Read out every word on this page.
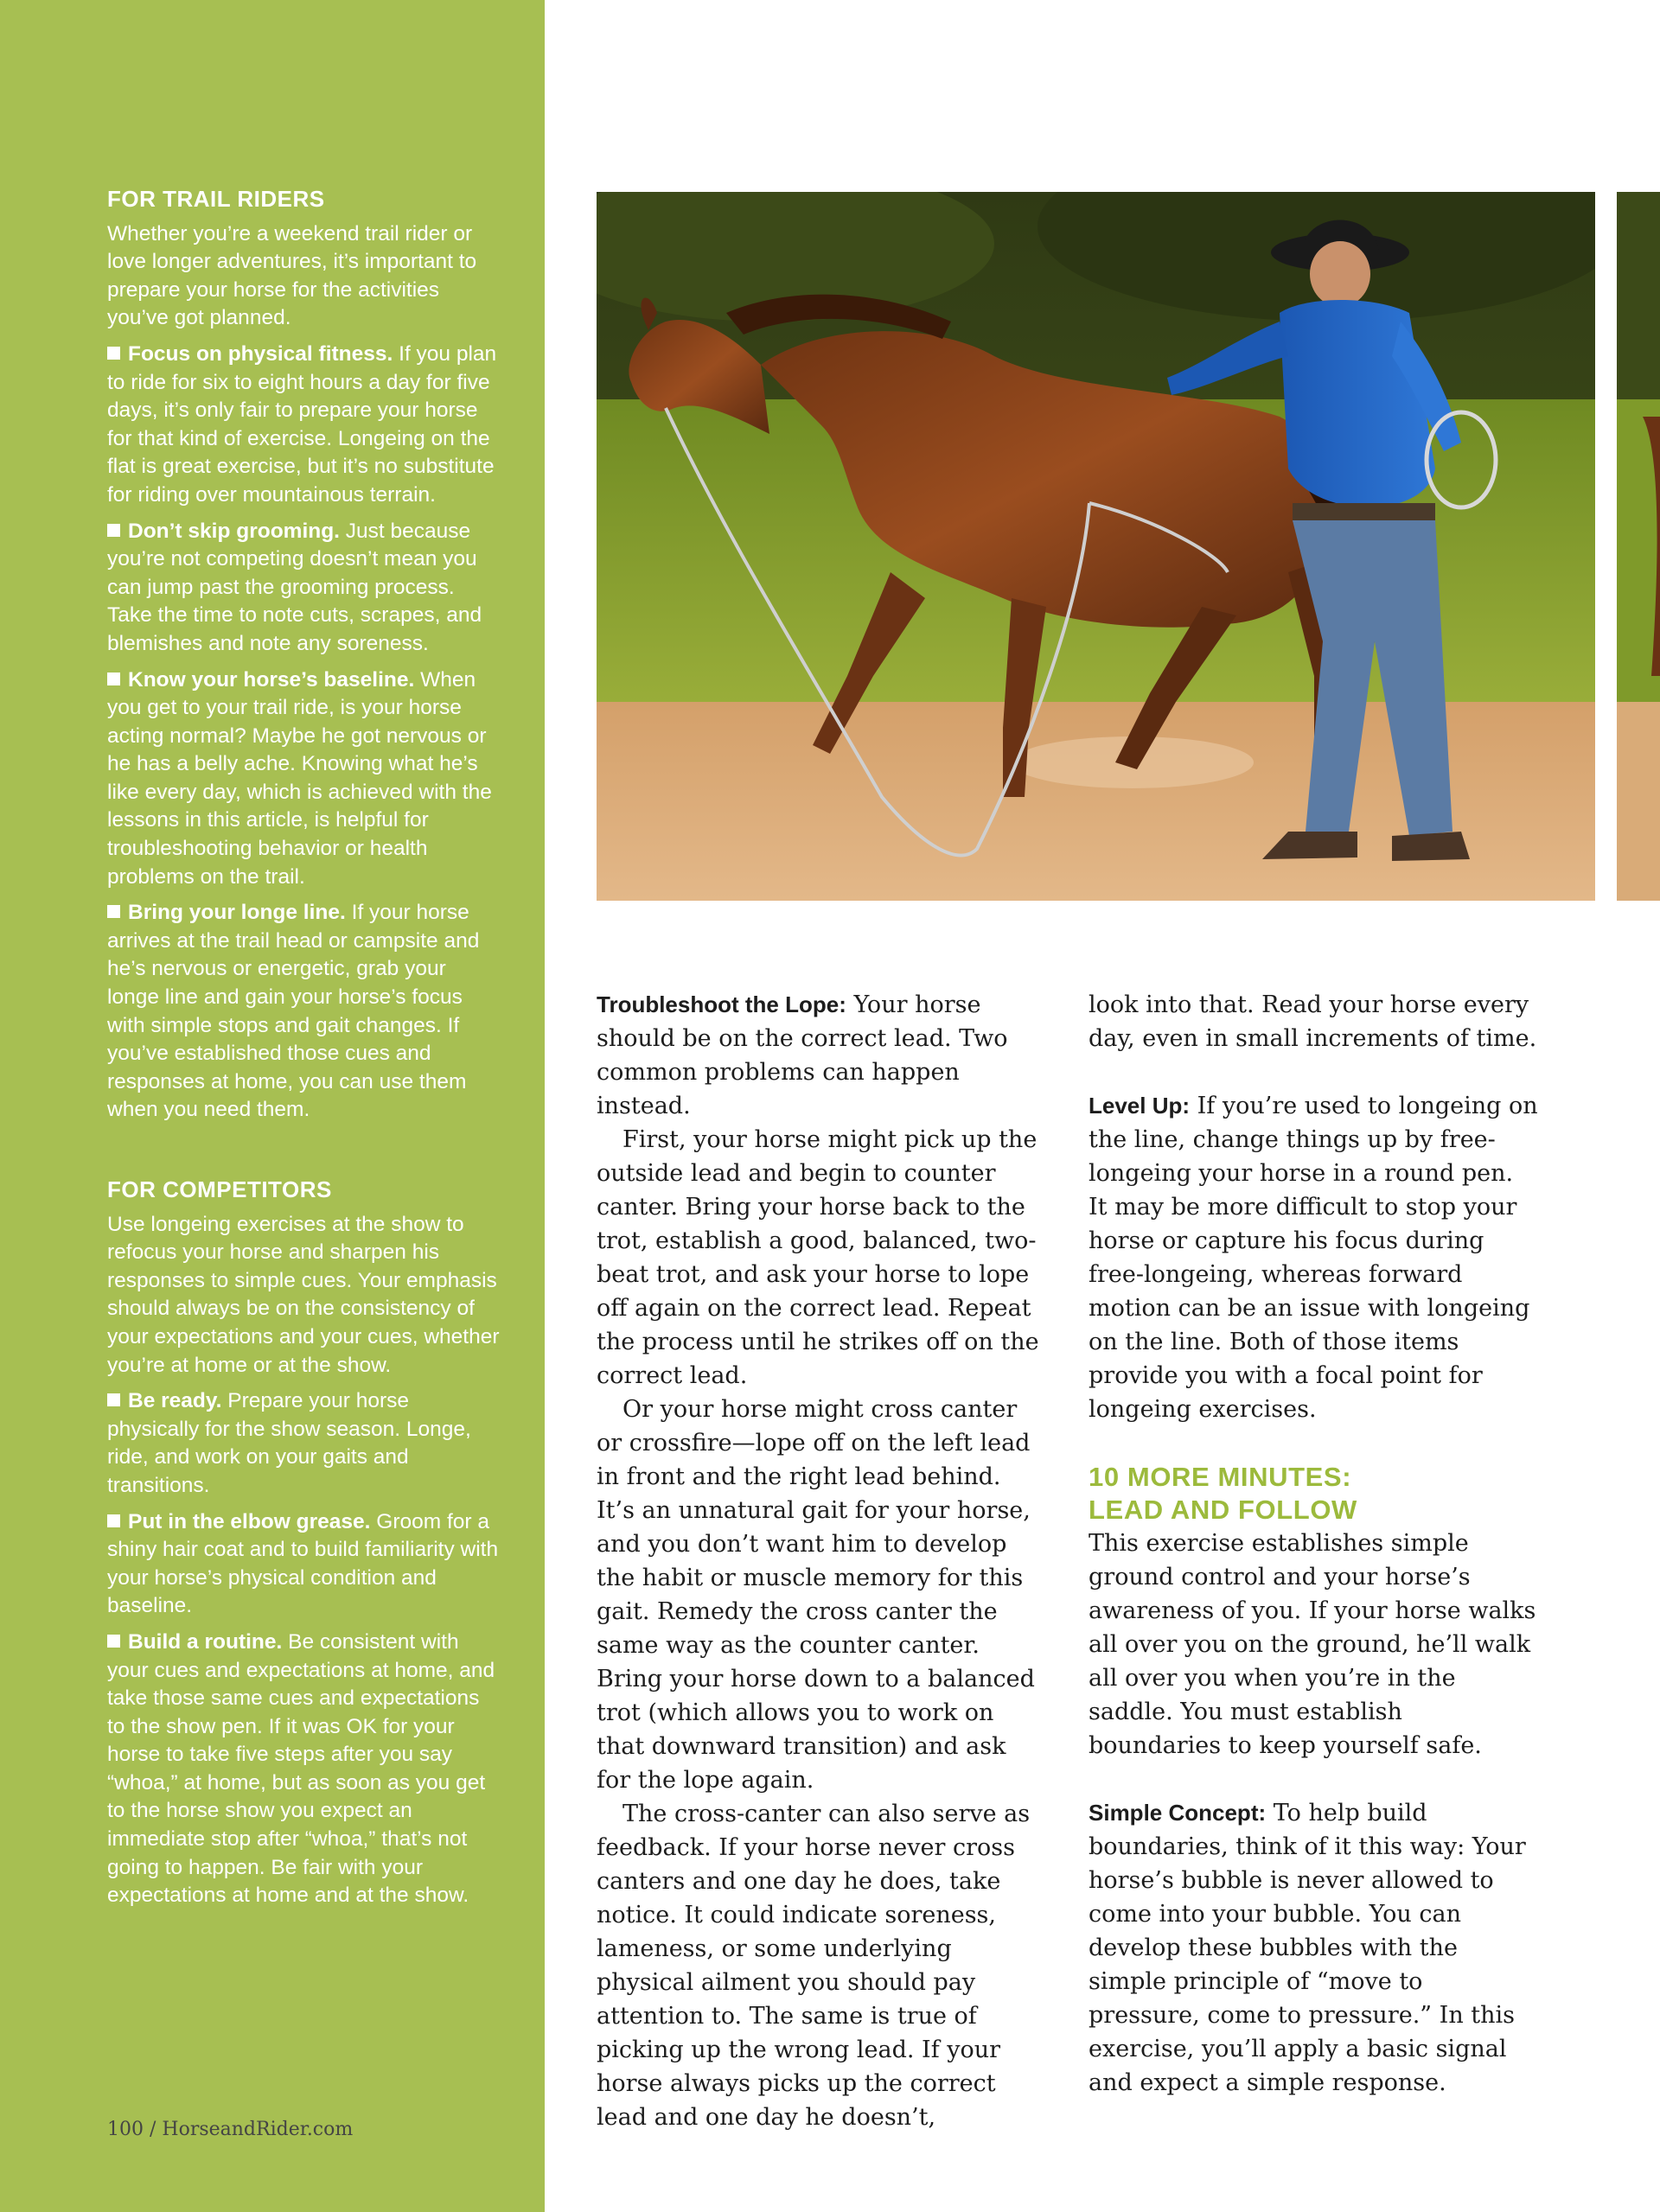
FOR TRAIL RIDERS

Whether you’re a weekend trail rider or love longer adventures, it’s important to prepare your horse for the activities you’ve got planned.

Focus on physical fitness. If you plan to ride for six to eight hours a day for five days, it’s only fair to prepare your horse for that kind of exercise. Longeing on the flat is great exercise, but it’s no substitute for riding over mountainous terrain.

Don’t skip grooming. Just because you’re not competing doesn’t mean you can jump past the grooming process. Take the time to note cuts, scrapes, and blemishes and note any soreness.

Know your horse’s baseline. When you get to your trail ride, is your horse acting normal? Maybe he got nervous or he has a belly ache. Knowing what he’s like every day, which is achieved with the lessons in this article, is helpful for troubleshooting behavior or health problems on the trail.

Bring your longe line. If your horse arrives at the trail head or campsite and he’s nervous or energetic, grab your longe line and gain your horse’s focus with simple stops and gait changes. If you’ve established those cues and responses at home, you can use them when you need them.

FOR COMPETITORS

Use longeing exercises at the show to refocus your horse and sharpen his responses to simple cues. Your emphasis should always be on the consistency of your expectations and your cues, whether you’re at home or at the show.

Be ready. Prepare your horse physically for the show season. Longe, ride, and work on your gaits and transitions.

Put in the elbow grease. Groom for a shiny hair coat and to build familiarity with your horse’s physical condition and baseline.

Build a routine. Be consistent with your cues and expectations at home, and take those same cues and expectations to the show pen. If it was OK for your horse to take five steps after you say “whoa,” at home, but as soon as you get to the horse show you expect an immediate stop after “whoa,” that’s not going to happen. Be fair with your expectations at home and at the show.

100 / HorseandRider.com

Troubleshoot the Lope: Your horse should be on the correct lead. Two common problems can happen instead.

First, your horse might pick up the outside lead and begin to counter canter. Bring your horse back to the trot, establish a good, balanced, two-beat trot, and ask your horse to lope off again on the correct lead. Repeat the process until he strikes off on the correct lead.

Or your horse might cross canter or crossfire—lope off on the left lead in front and the right lead behind. It’s an unnatural gait for your horse, and you don’t want him to develop the habit or muscle memory for this gait. Remedy the cross canter the same way as the counter canter. Bring your horse down to a balanced trot (which allows you to work on that downward transition) and ask for the lope again.

The cross-canter can also serve as feedback. If your horse never cross canters and one day he does, take notice. It could indicate soreness, lameness, or some underlying physical ailment you should pay attention to. The same is true of picking up the wrong lead. If your horse always picks up the correct lead and one day he doesn’t,

look into that. Read your horse every day, even in small increments of time.

Level Up: If you’re used to longeing on the line, change things up by free-longeing your horse in a round pen. It may be more difficult to stop your horse or capture his focus during free-longeing, whereas forward motion can be an issue with longeing on the line. Both of those items provide you with a focal point for longeing exercises.

10 MORE MINUTES:

LEAD AND FOLLOW

This exercise establishes simple ground control and your horse’s awareness of you. If your horse walks all over you on the ground, he’ll walk all over you when you’re in the saddle. You must establish boundaries to keep yourself safe.

Simple Concept: To help build boundaries, think of it this way: Your horse’s bubble is never allowed to come into your bubble. You can develop these bubbles with the simple principle of “move to pressure, come to pressure.” In this exercise, you’ll apply a basic signal and expect a simple response.
